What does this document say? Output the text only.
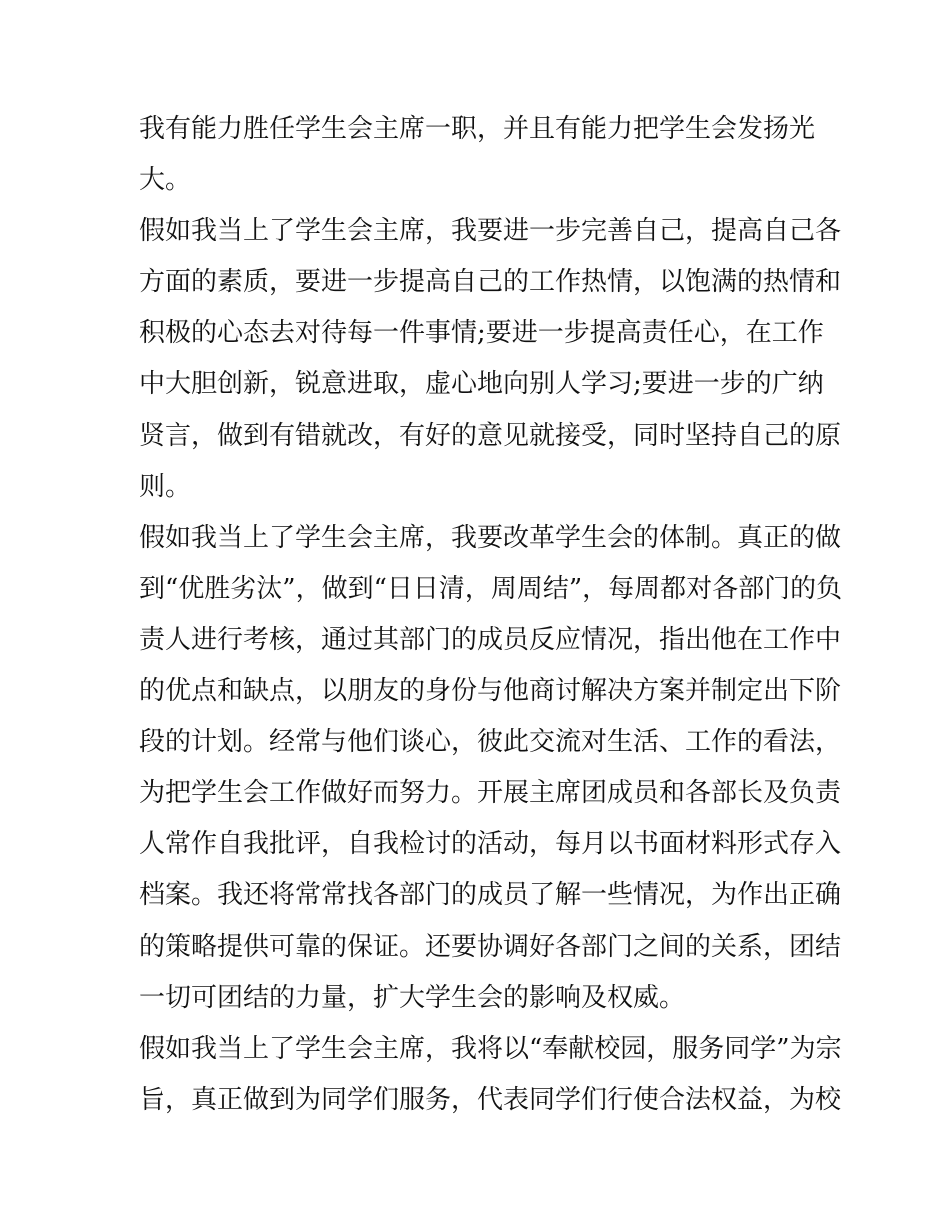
我有能力胜任学生会主席一职，并且有能力把学生会发扬光
大。
假如我当上了学生会主席，我要进一步完善自己，提高自己各
方面的素质，要进一步提高自己的工作热情，以饱满的热情和
积极的心态去对待每一件事情;要进一步提高责任心，在工作
中大胆创新，锐意进取，虚心地向别人学习;要进一步的广纳
贤言，做到有错就改，有好的意见就接受，同时坚持自己的原
则。
假如我当上了学生会主席，我要改革学生会的体制。真正的做
到“优胜劣汰”，做到“日日清，周周结”，每周都对各部门的负
责人进行考核，通过其部门的成员反应情况，指出他在工作中
的优点和缺点，以朋友的身份与他商讨解决方案并制定出下阶
段的计划。经常与他们谈心，彼此交流对生活、工作的看法，
为把学生会工作做好而努力。开展主席团成员和各部长及负责
人常作自我批评，自我检讨的活动，每月以书面材料形式存入
档案。我还将常常找各部门的成员了解一些情况，为作出正确
的策略提供可靠的保证。还要协调好各部门之间的关系，团结
一切可团结的力量，扩大学生会的影响及权威。
假如我当上了学生会主席，我将以“奉献校园，服务同学”为宗
旨，真正做到为同学们服务，代表同学们行使合法权益，为校
